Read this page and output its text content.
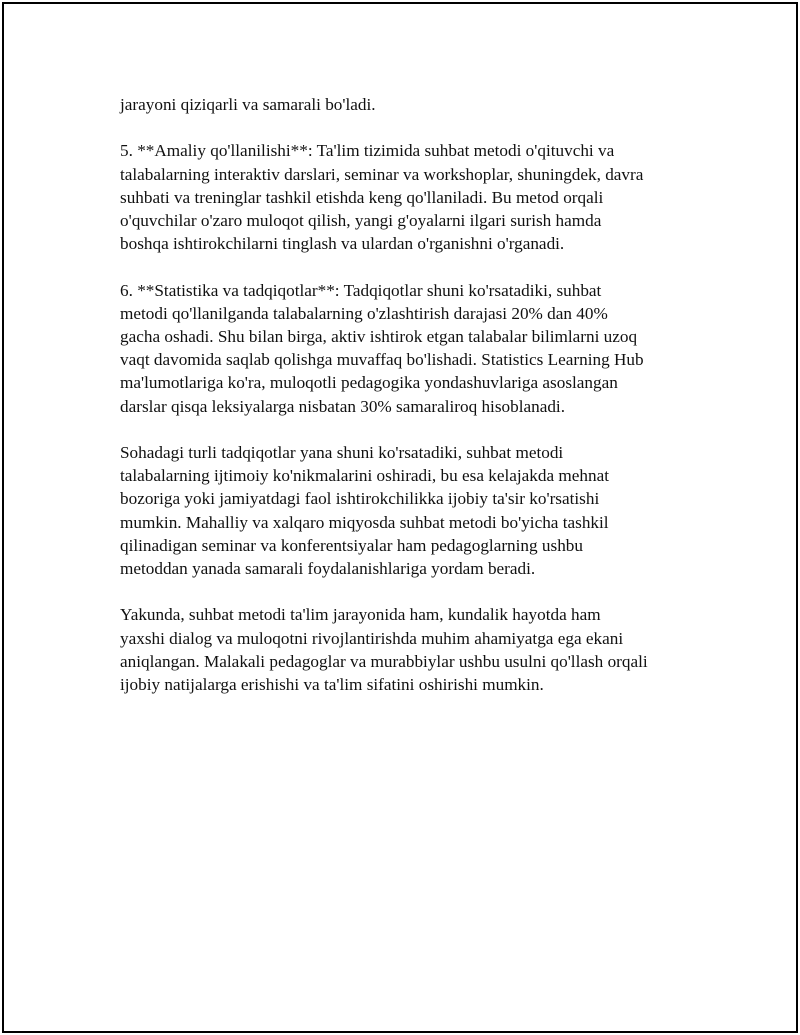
jarayoni qiziqarli va samarali bo'ladi.

5. **Amaliy qo'llanilishi**: Ta'lim tizimida suhbat metodi o'qituvchi va
talabalarning interaktiv darslari, seminar va workshoplar, shuningdek, davra
suhbati va treninglar tashkil etishda keng qo'llaniladi. Bu metod orqali
o'quvchilar o'zaro muloqot qilish, yangi g'oyalarni ilgari surish hamda
boshqa ishtirokchilarni tinglash va ulardan o'rganishni o'rganadi.

6. **Statistika va tadqiqotlar**: Tadqiqotlar shuni ko'rsatadiki, suhbat
metodi qo'llanilganda talabalarning o'zlashtirish darajasi 20% dan 40%
gacha oshadi. Shu bilan birga, aktiv ishtirok etgan talabalar bilimlarni uzoq
vaqt davomida saqlab qolishga muvaffaq bo'lishadi. Statistics Learning Hub
ma'lumotlariga ko'ra, muloqotli pedagogika yondashuvlariga asoslangan
darslar qisqa leksiyalarga nisbatan 30% samaraliroq hisoblanadi.

Sohadagi turli tadqiqotlar yana shuni ko'rsatadiki, suhbat metodi
talabalarning ijtimoiy ko'nikmalarini oshiradi, bu esa kelajakda mehnat
bozoriga yoki jamiyatdagi faol ishtirokchilikka ijobiy ta'sir ko'rsatishi
mumkin. Mahalliy va xalqaro miqyosda suhbat metodi bo'yicha tashkil
qilinadigan seminar va konferentsiyalar ham pedagoglarning ushbu
metoddan yanada samarali foydalanishlariga yordam beradi.

Yakunda, suhbat metodi ta'lim jarayonida ham, kundalik hayotda ham
yaxshi dialog va muloqotni rivojlantirishda muhim ahamiyatga ega ekani
aniqlangan. Malakali pedagoglar va murabbiylar ushbu usulni qo'llash orqali
ijobiy natijalarga erishishi va ta'lim sifatini oshirishi mumkin.
